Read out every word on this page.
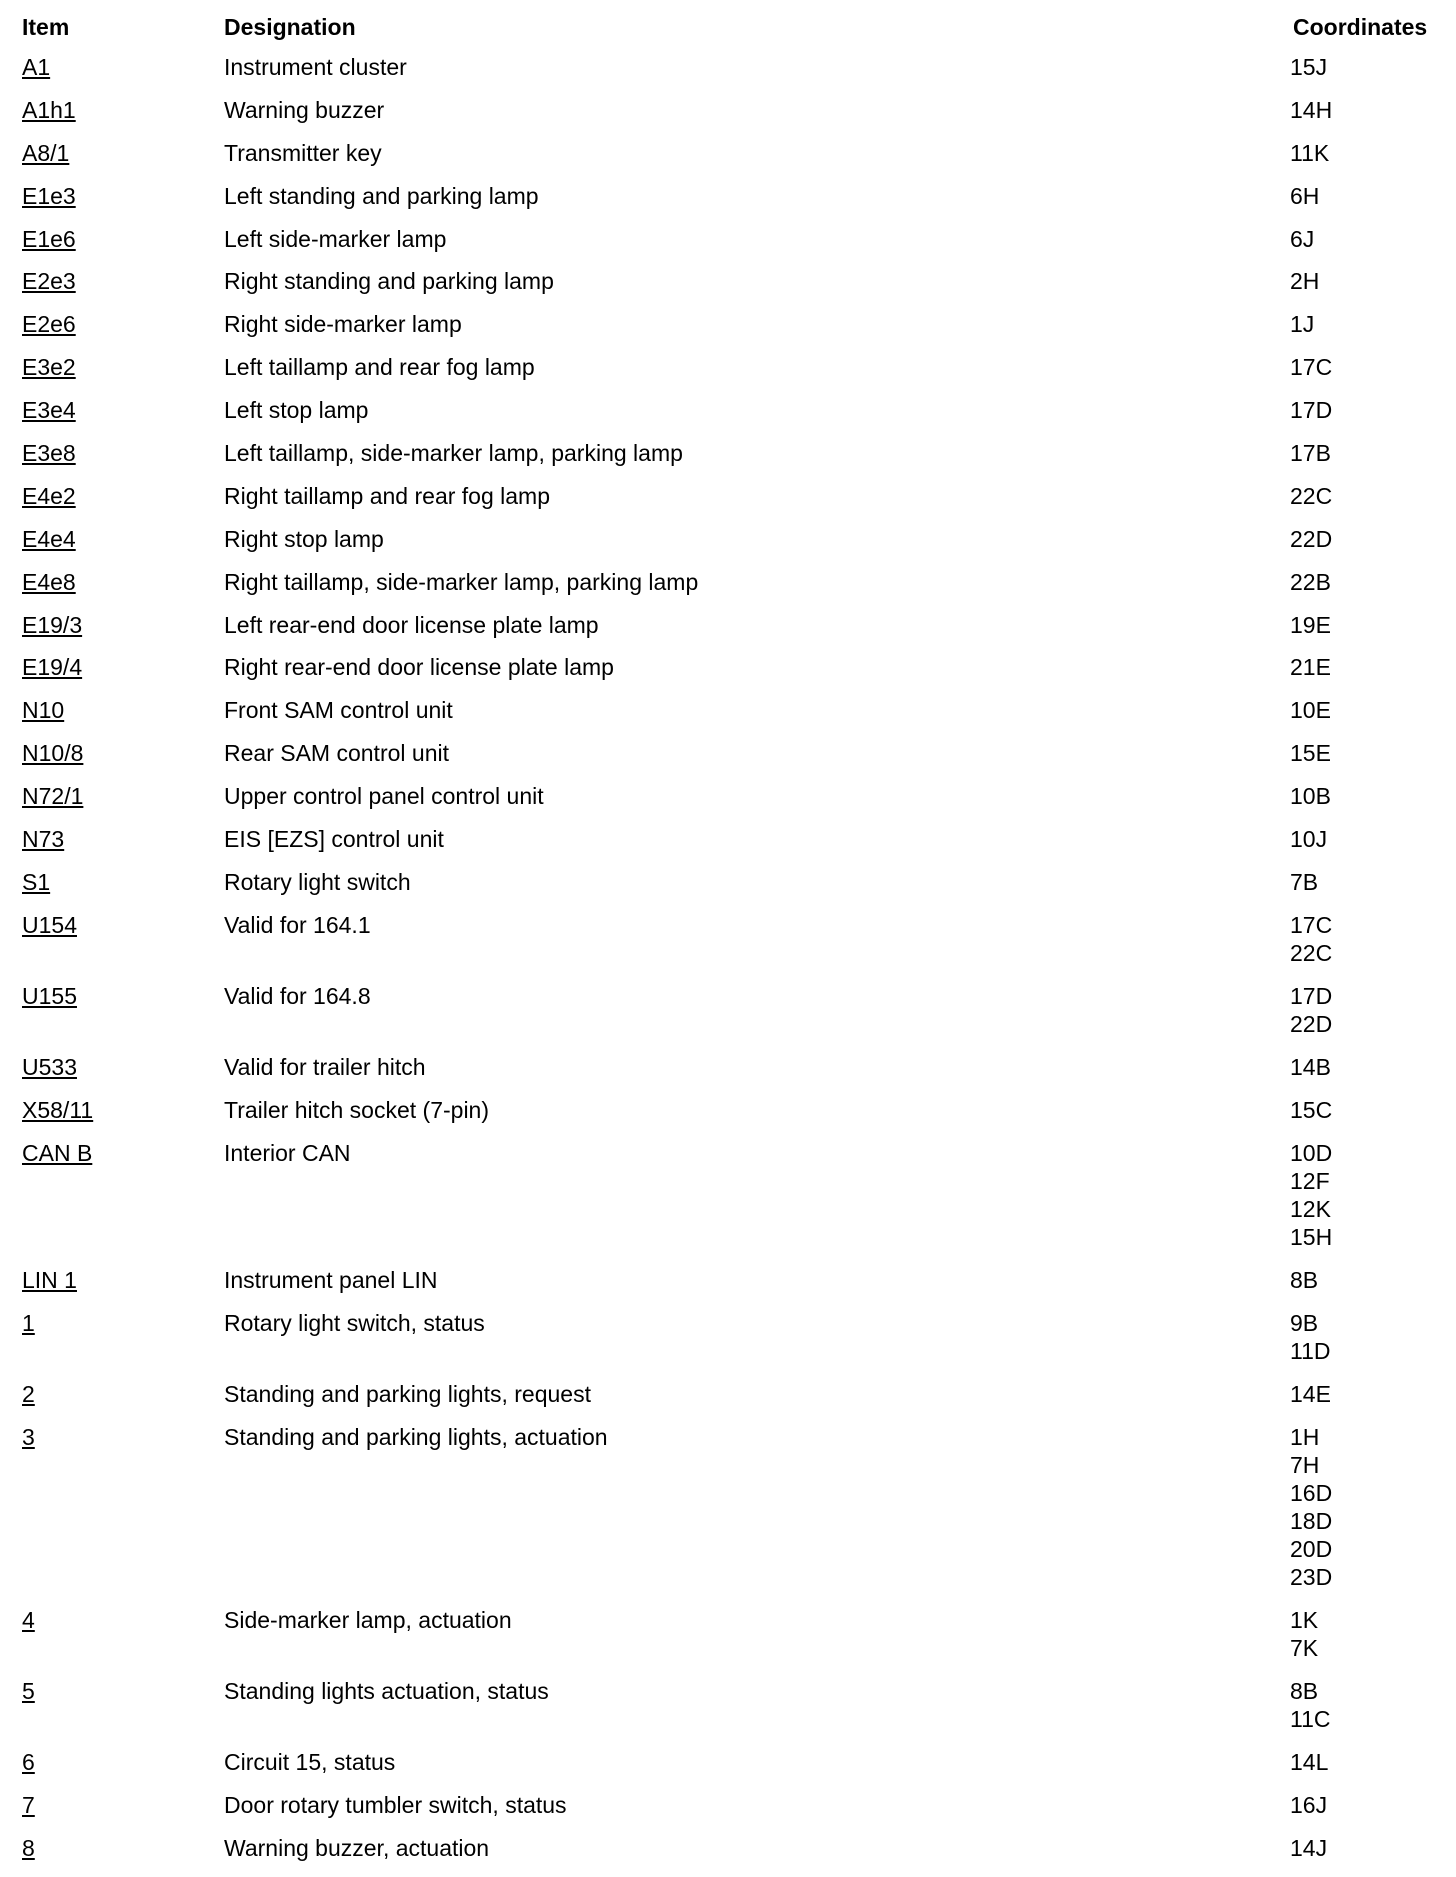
Item	Designation	Coordinates
A1	Instrument cluster	15J
A1h1	Warning buzzer	14H
A8/1	Transmitter key	11K
E1e3	Left standing and parking lamp	6H
E1e6	Left side-marker lamp	6J
E2e3	Right standing and parking lamp	2H
E2e6	Right side-marker lamp	1J
E3e2	Left taillamp and rear fog lamp	17C
E3e4	Left stop lamp	17D
E3e8	Left taillamp, side-marker lamp, parking lamp	17B
E4e2	Right taillamp and rear fog lamp	22C
E4e4	Right stop lamp	22D
E4e8	Right taillamp, side-marker lamp, parking lamp	22B
E19/3	Left rear-end door license plate lamp	19E
E19/4	Right rear-end door license plate lamp	21E
N10	Front SAM control unit	10E
N10/8	Rear SAM control unit	15E
N72/1	Upper control panel control unit	10B
N73	EIS [EZS] control unit	10J
S1	Rotary light switch	7B
U154	Valid for 164.1	17C
22C
U155	Valid for 164.8	17D
22D
U533	Valid for trailer hitch	14B
X58/11	Trailer hitch socket (7-pin)	15C
CAN B	Interior CAN	10D
12F
12K
15H
LIN 1	Instrument panel LIN	8B
1	Rotary light switch, status	9B
11D
2	Standing and parking lights, request	14E
3	Standing and parking lights, actuation	1H
7H
16D
18D
20D
23D
4	Side-marker lamp, actuation	1K
7K
5	Standing lights actuation, status	8B
11C
6	Circuit 15, status	14L
7	Door rotary tumbler switch, status	16J
8	Warning buzzer, actuation	14J
